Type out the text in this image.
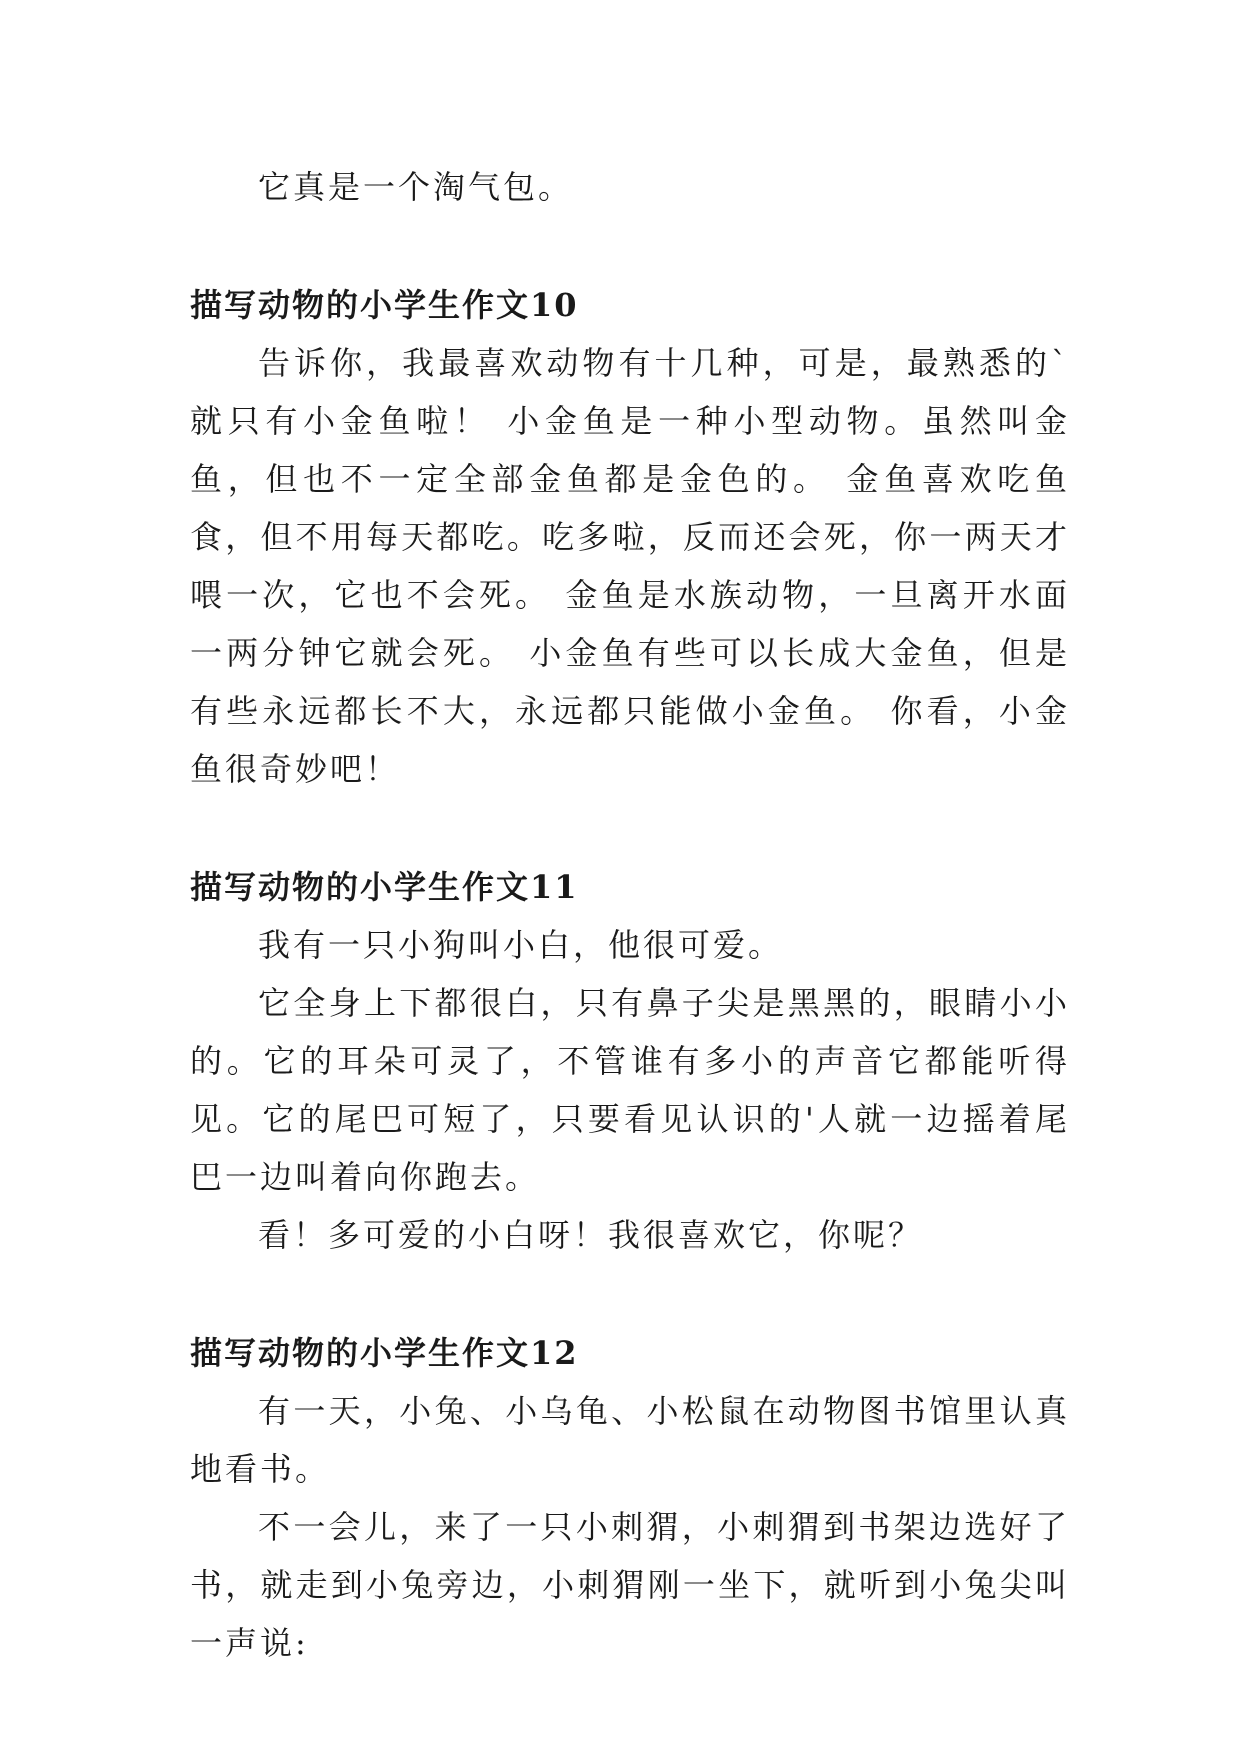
它真是一个淘气包。

描写动物的小学生作文10

告诉你，我最喜欢动物有十几种，可是，最熟悉的`就只有小金鱼啦！ 小金鱼是一种小型动物。虽然叫金鱼，但也不一定全部金鱼都是金色的。 金鱼喜欢吃鱼食，但不用每天都吃。吃多啦，反而还会死，你一两天才喂一次，它也不会死。 金鱼是水族动物，一旦离开水面一两分钟它就会死。 小金鱼有些可以长成大金鱼，但是有些永远都长不大，永远都只能做小金鱼。 你看，小金鱼很奇妙吧！

描写动物的小学生作文11

我有一只小狗叫小白，他很可爱。

它全身上下都很白，只有鼻子尖是黑黑的，眼睛小小的。它的耳朵可灵了，不管谁有多小的声音它都能听得见。它的尾巴可短了，只要看见认识的'人就一边摇着尾巴一边叫着向你跑去。

看！多可爱的小白呀！我很喜欢它，你呢？

描写动物的小学生作文12

有一天，小兔、小乌龟、小松鼠在动物图书馆里认真地看书。

不一会儿，来了一只小刺猬，小刺猬到书架边选好了书，就走到小兔旁边，小刺猬刚一坐下，就听到小兔尖叫一声说:
